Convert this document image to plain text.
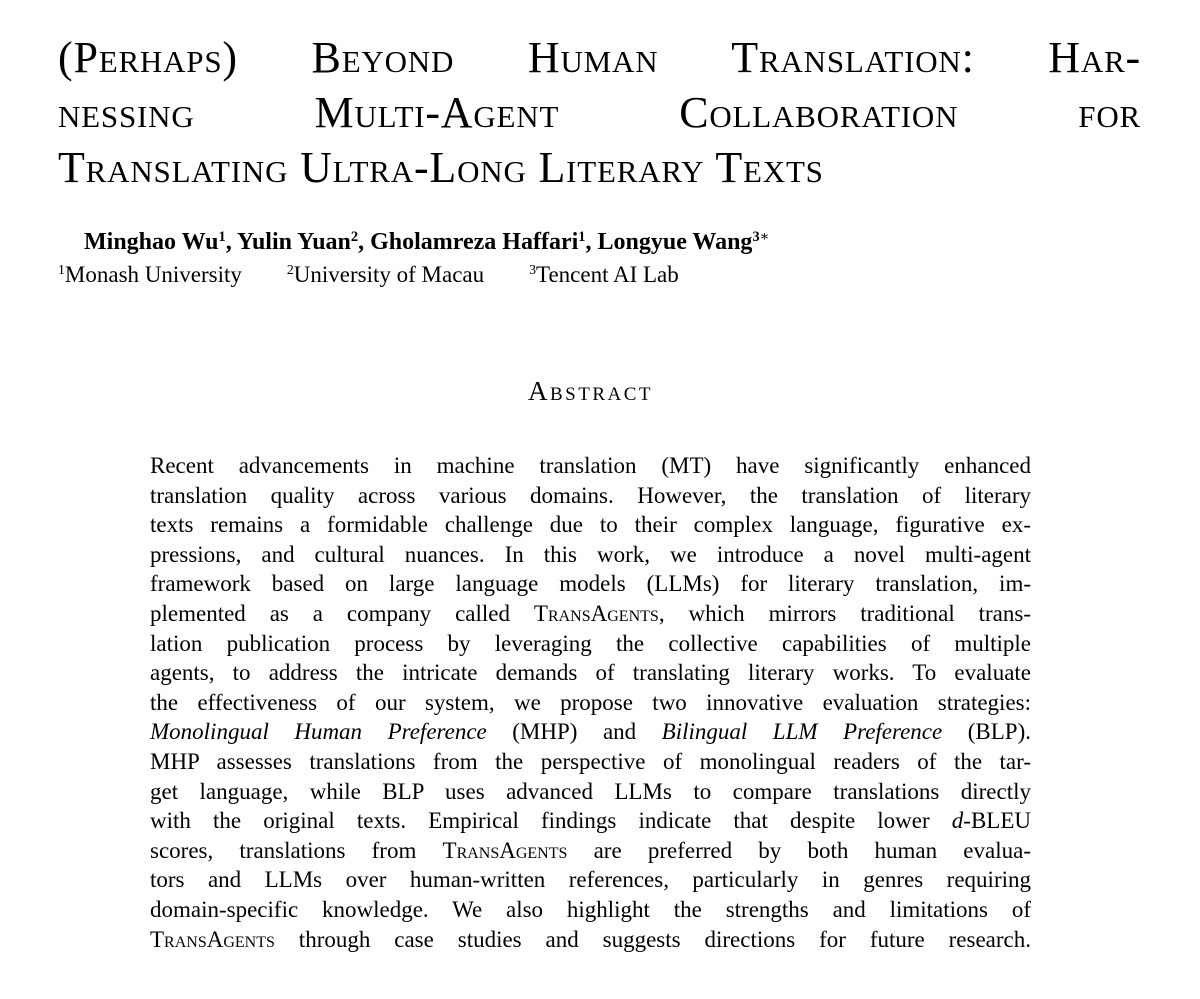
(Perhaps) Beyond Human Translation: Har-
nessing Multi-Agent Collaboration for
Translating Ultra-Long Literary Texts
Minghao Wu$^1$, Yulin Yuan$^2$, Gholamreza Haffari$^1$, Longyue Wang$^{3∗}$
$^1$Monash University	$^2$University of Macau	$^3$Tencent AI Lab
Abstract
Recent advancements in machine translation (MT) have significantly enhanced
translation quality across various domains. However, the translation of literary
texts remains a formidable challenge due to their complex language, figurative ex-
pressions, and cultural nuances. In this work, we introduce a novel multi-agent
framework based on large language models (LLMs) for literary translation, im-
plemented as a company called TransAgents, which mirrors traditional trans-
lation publication process by leveraging the collective capabilities of multiple
agents, to address the intricate demands of translating literary works. To evaluate
the effectiveness of our system, we propose two innovative evaluation strategies:
Monolingual Human Preference (MHP) and Bilingual LLM Preference (BLP).
MHP assesses translations from the perspective of monolingual readers of the tar-
get language, while BLP uses advanced LLMs to compare translations directly
with the original texts. Empirical findings indicate that despite lower d-BLEU
scores, translations from TransAgents are preferred by both human evalua-
tors and LLMs over human-written references, particularly in genres requiring
domain-specific knowledge. We also highlight the strengths and limitations of
TransAgents through case studies and suggests directions for future research.
